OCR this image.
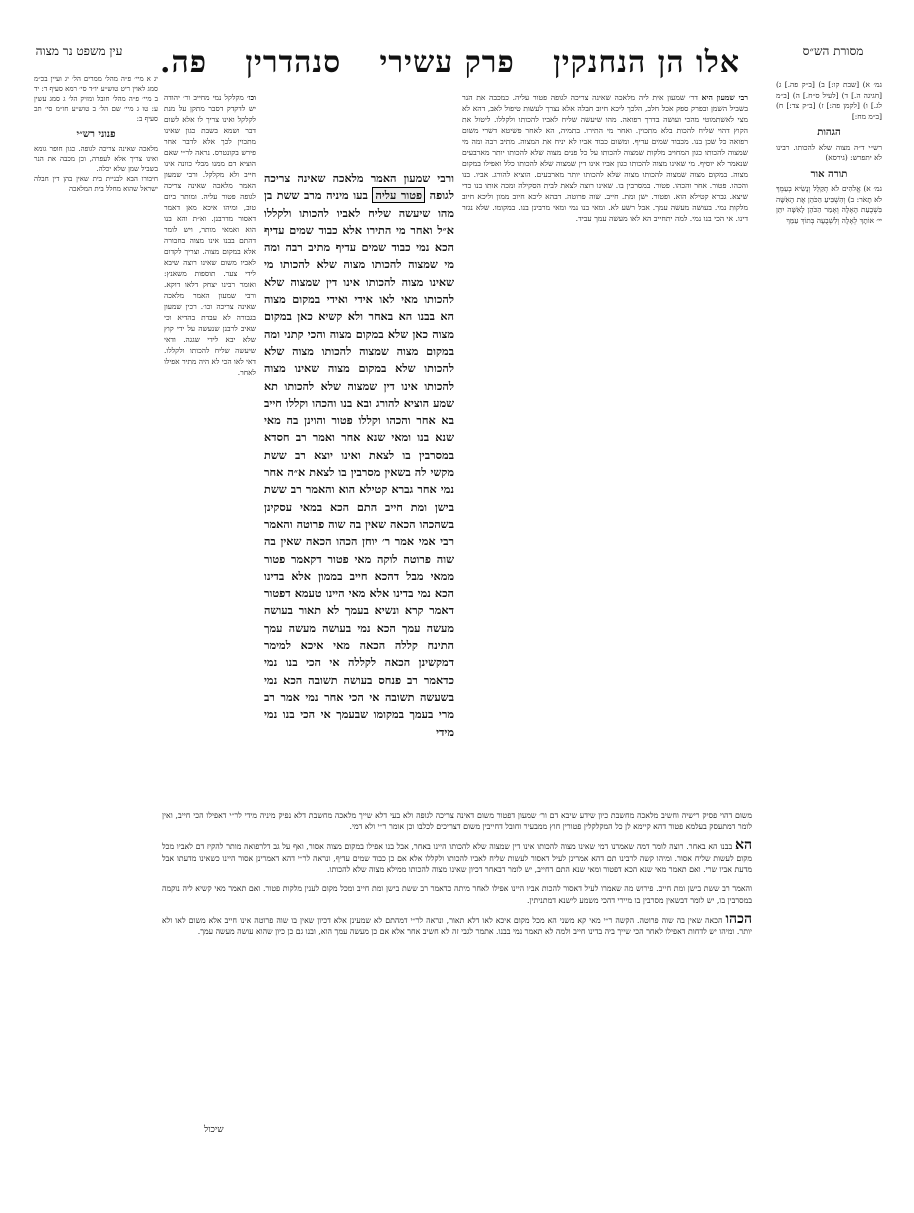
מסורת הש״ס
אלו הן הנחנקין
פרק עשירי
סנהדרין
פה.
עין משפט נר מצוה

גמ׳ א) [שבת קו:] ב) [ב״ק פה.] ג) [חגיגה ה.] ד) [לעיל ס״ח.] ה) [ב״מ לג.] ו) [לקמן פה:] ז) [ב״ק צד:] ח) [ב״מ מח:]

הגהות

רש״י ד״ה מצוה שלא להכותו. רבינו לא יתפרש: (גירסא)

תורה אור

גמ׳ א) אֱלֹהִים לֹא תְקַלֵּל וְנָשִׂיא בְעַמְּךָ לֹא תָאֹר: ב) וְהִשְׁבִּיעַ הַכֹּהֵן אֶת הָאִשָּׁה בִּשְׁבֻעַת הָאָלָה וְאָמַר הַכֹּהֵן לָאִשָּׁה יִתֵּן יי׳ אוֹתָךְ לְאָלָה וְלִשְׁבֻעָה בְּתוֹךְ עַמֵּךְ

רבי שמעון היא דר׳ שמעון אית ליה מלאכה שאינה צריכה לגופה פטור עליה. כמכבה את הנר בשביל השמן ובפרק ספק אכל חלב, הלכך ליכא חיוב חבלה אלא נצרך לעשות טיפול לאב, דהא לא מצי לאשתמוטי מהכי ועושה בדרך רפואה. מהו שיעשה שליח לאביו להכותו ולקללו. ליטול את הקוץ דהוי שליח להכות בלא מתכוין. ואחר מי התירו. בתמיה, הא לאחר פשיטא דשרי משום רפואה כל שכן בנו. מכבוד שמים עדיף. ומשום כבוד אביו לא יניח את המצוה. מתיב רבה ומה מי שמצוה להכותו כגון המחויב מלקות שמצוה להכותו על כל פנים מצוה שלא להכותו יותר מארבעים שנאמר לא יוסיף. מי שאינו מצוה להכותו כגון אביו אינו דין שמצוה שלא להכותו כלל ואפילו במקום מצוה. במקום מצוה שמצוה להכותו מצוה שלא להכותו יותר מארבעים. הוציא להורג. אביו. בנו והכהו. פטור. אחר והכהו. פטור. במסרבין בו. שאינו רוצה לצאת לבית הסקילה ומכה אותו בנו כדי שיצא. גברא קטילא הוא. ופטור. ישן ומת. חייב. שוה פרוטה. דבהא ליכא חיוב ממון וליכא חיוב מלקות נמי. בעושה מעשה עמך. אבל רשע לא. ומאי בנו נמי ומאי מרבינן בנו. במקומו. שלא נגזר דינו. אי הכי בנו נמי. למה יתחייב הא לאו מעשה עמך עביד.

ורבי שמעון האמר מלאכה שאינה צריכה לגופה פטור עליה בעו מיניה מרב ששת בן מהו שיעשה שליח לאביו להכותו ולקללו א״ל ואחר מי התירו אלא כבוד שמים עדיף הכא נמי כבוד שמים עדיף מתיב רבה ומה מי שמצוה להכותו מצוה שלא להכותו מי שאינו מצוה להכותו אינו דין שמצוה שלא להכותו מאי לאו אידי ואידי במקום מצוה הא בבנו הא באחר ולא קשיא כאן במקום מצוה כאן שלא במקום מצוה והכי קתני ומה במקום מצוה שמצוה להכותו מצוה שלא להכותו שלא במקום מצוה שאינו מצוה להכותו אינו דין שמצוה שלא להכותו תא שמע הוציא להורג ובא בנו והכהו וקללו חייב בא אחר והכהו וקללו פטור והוינן בה מאי שנא בנו ומאי שנא אחר ואמר רב חסדא במסרבין בו לצאת ואינו יוצא רב ששת מקשי לה בשאין מסרבין בו לצאת א״ה אחר נמי אחר גברא קטילא הוא והאמר רב ששת בישן ומת חייב התם הכא במאי עסקינן בשהכהו הכאה שאין בה שוה פרוטה והאמר רבי אמי אמר ר׳ יוחן הכהו הכאה שאין בה שוה פרוטה לוקה מאי פטור דקאמר פטור ממאי מבל דהכא חייב בממון אלא בדינו הכא נמי בדינו אלא מאי היינו טעמא דפטור דאמר קרא ונשיא בעמך לא תאור בעושה מעשה עמך הכא נמי בעושה מעשה עמך התינח קללה הכאה מאי איכא למימר דמקשינן הכאה לקללה אי הכי בנו נמי כדאמר רב פנחס בעושה תשובה הכא נמי בשעשה תשובה אי הכי אחר נמי אמר רב מרי בעמך במקומו שבעמך אי הכי בנו נמי מידי

וכו׳ מקלקל נמי מחייב ור׳ יהודה יש לדקדק דסבר מתקן על מנת לקלקל ואינו צריך לו אלא לשום דבר ושמא בשבת כגון שאינו מתכוין לכך אלא לדבר אחר פירש בקונטרס. נראה לר״י שאם הוציא דם ממנו מבלי כוונה אינו חייב ולא מקלקל. ורבי שמעון האמר מלאכה שאינה צריכה לגופה פטור עליה. ומותר ביום טוב, ומיהו איכא מאן דאמר דאסור מדרבנן. וא״ת והא בנו הוא ואמאי מותר, ויש לומר דהתם בבנו אינו מצוה בחבורה אלא במקום מצוה. וצריך לקדום לאביו משום שאינו רוצה שיבא לידי צער. תוספות משאנץ: ואומר רבינו יצחק דלאו דוקא. ורבי שמעון האמר מלאכה שאינה צריכה וכו׳. רכין שמעון בגבורה לא עבדת בהדיא וכי שאיב לרבנן שנעשה על ידי קוץ שלא יבא לידי שגגה. ודאי שיעשה שליח להכותו ולקללו. דאי לאו הכי לא היה מתיר אפילו לאחר.

יג א מיי׳ פ״ה מהל׳ ממרים הל׳ יג ועיין בכ״מ סמג לאוין ריט טוש״ע יו״ד סי׳ רמא סעיף ד: יד ב מיי׳ פ״ה מהל׳ חובל ומזיק הל׳ ג סמג עשין ע: טו ג מיי׳ שם הל׳ ב טוש״ע חו״מ סי׳ תכ סעיף ב:

פנוני רש״י

מלאכה שאינה צריכה לגופה. כגון חופר גומא ואינו צריך אלא לעפרה, וכן מכבה את הנר בשביל שמן שלא יכלה.

חיבורו הבא לבניית בית שאין בהן דין חבלה ישראל שהוא מחלל בית המלאכה

משום דהוי פסיק רישיה וחשיב מלאכה מחשבת כיון שידע שיבא דם ור׳ שמעון דפטור משום דאינה צריכה לגופה ולא בעי דלא שייך מלאכה מחשבת דלא נפיק מיניה מידי לר״י דאפילו הכי חייב, ואין לומר דמתעסק בעלמא פטור דהא קיימא לן כל המקלקלין פטורין חוץ ממבעיר וחובל דחייבין משום דצריכים לכלבו וכן אומר ר״י ולא דמי.

הא בבנו הא באחר. רוצה לומר דמה שאמרנו דמי שאינו מצוה להכותו אינו דין שמצוה שלא להכותו היינו באחר, אבל בנו אפילו במקום מצוה אסור, ואף על גב דלרפואה מותר להקיז דם לאביו מכל מקום לעשות שליח אסור. ומיהו קשה לרבינו תם דהא אמרינן לעיל דאסור לעשות שליח לאביו להכותו ולקללו אלא אם כן כבוד שמים עדיף, ונראה לר״י דהא דאמרינן אסור היינו כשאינו מדעתו אבל מדעת אביו שרי. ואם תאמר מאי שנא הכא דפטור ומאי שנא התם דחייב, יש לומר דבאחר דכיון שאינו מצוה להכותו ממילא מצוה שלא להכותו.

והאמר רב ששת בישן ומת חייב. פירוש מה שאמרו לעיל דאסור להכות אביו היינו אפילו לאחר מיתה כדאמר רב ששת בישן ומת חייב ומכל מקום לענין מלקות פטור. ואם תאמר מאי קשיא ליה נוקמה במסרבין בו, יש לומר דבשאין מסרבין בו מיירי דהכי משמע לישנא דמתניתין.

הכהו הכאה שאין בה שוה פרוטה. הקשה ר״י מאי קא משני הא מכל מקום איכא לאו דלא תאור, ונראה לר״י דמהתם לא שמעינן אלא דכיון שאין בו שוה פרוטה אינו חייב אלא משום לאו ולא יותר. ומיהו יש לדחות דאפילו לאחר הכי שייך ביה בדינו חייב ולמה לא תאמר נמי בבנו. אתמר לגבי זה לא חשיב אחר אלא אם כן מעשה עמך הוא, ובנו גם כן כיון שהוא עושה מעשה עמך.

שיכול
